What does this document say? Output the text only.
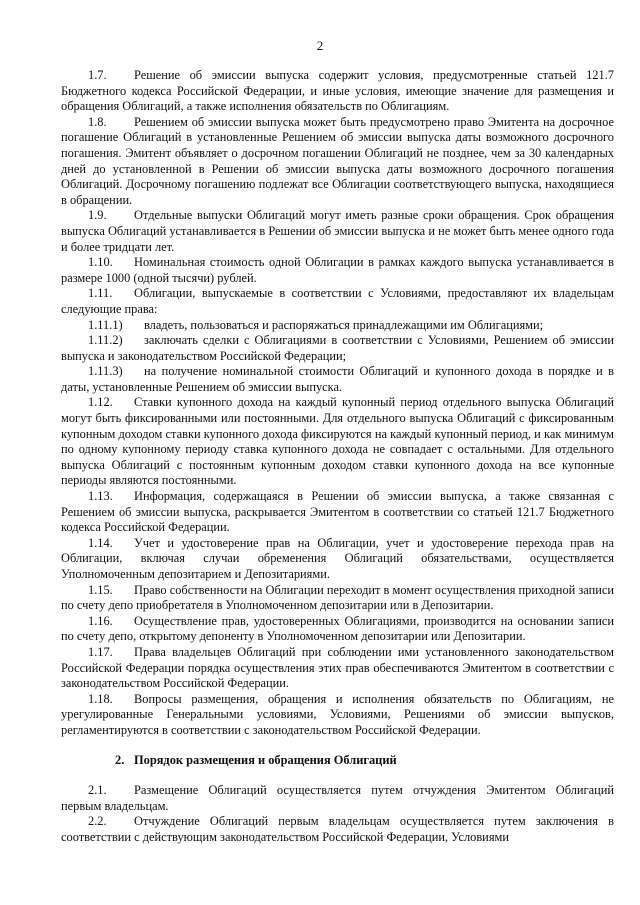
2

1.7. Решение об эмиссии выпуска содержит условия, предусмотренные статьей 121.7 Бюджетного кодекса Российской Федерации, и иные условия, имеющие значение для размещения и обращения Облигаций, а также исполнения обязательств по Облигациям.

1.8. Решением об эмиссии выпуска может быть предусмотрено право Эмитента на досрочное погашение Облигаций в установленные Решением об эмиссии выпуска даты возможного досрочного погашения. Эмитент объявляет о досрочном погашении Облигаций не позднее, чем за 30 календарных дней до установленной в Решении об эмиссии выпуска даты возможного досрочного погашения Облигаций. Досрочному погашению подлежат все Облигации соответствующего выпуска, находящиеся в обращении.

1.9. Отдельные выпуски Облигаций могут иметь разные сроки обращения. Срок обращения выпуска Облигаций устанавливается в Решении об эмиссии выпуска и не может быть менее одного года и более тридцати лет.

1.10. Номинальная стоимость одной Облигации в рамках каждого выпуска устанавливается в размере 1000 (одной тысячи) рублей.

1.11. Облигации, выпускаемые в соответствии с Условиями, предоставляют их владельцам следующие права:

1.11.1) владеть, пользоваться и распоряжаться принадлежащими им Облигациями;

1.11.2) заключать сделки с Облигациями в соответствии с Условиями, Решением об эмиссии выпуска и законодательством Российской Федерации;

1.11.3) на получение номинальной стоимости Облигаций и купонного дохода в порядке и в даты, установленные Решением об эмиссии выпуска.

1.12. Ставки купонного дохода на каждый купонный период отдельного выпуска Облигаций могут быть фиксированными или постоянными. Для отдельного выпуска Облигаций с фиксированным купонным доходом ставки купонного дохода фиксируются на каждый купонный период, и как минимум по одному купонному периоду ставка купонного дохода не совпадает с остальными. Для отдельного выпуска Облигаций с постоянным купонным доходом ставки купонного дохода на все купонные периоды являются постоянными.

1.13. Информация, содержащаяся в Решении об эмиссии выпуска, а также связанная с Решением об эмиссии выпуска, раскрывается Эмитентом в соответствии со статьей 121.7 Бюджетного кодекса Российской Федерации.

1.14. Учет и удостоверение прав на Облигации, учет и удостоверение перехода прав на Облигации, включая случаи обременения Облигаций обязательствами, осуществляется Уполномоченным депозитарием и Депозитариями.

1.15. Право собственности на Облигации переходит в момент осуществления приходной записи по счету депо приобретателя в Уполномоченном депозитарии или в Депозитарии.

1.16. Осуществление прав, удостоверенных Облигациями, производится на основании записи по счету депо, открытому депоненту в Уполномоченном депозитарии или Депозитарии.

1.17. Права владельцев Облигаций при соблюдении ими установленного законодательством Российской Федерации порядка осуществления этих прав обеспечиваются Эмитентом в соответствии с законодательством Российской Федерации.

1.18. Вопросы размещения, обращения и исполнения обязательств по Облигациям, не урегулированные Генеральными условиями, Условиями, Решениями об эмиссии выпусков, регламентируются в соответствии с законодательством Российской Федерации.

2. Порядок размещения и обращения Облигаций

2.1. Размещение Облигаций осуществляется путем отчуждения Эмитентом Облигаций первым владельцам.

2.2. Отчуждение Облигаций первым владельцам осуществляется путем заключения в соответствии с действующим законодательством Российской Федерации, Условиями
